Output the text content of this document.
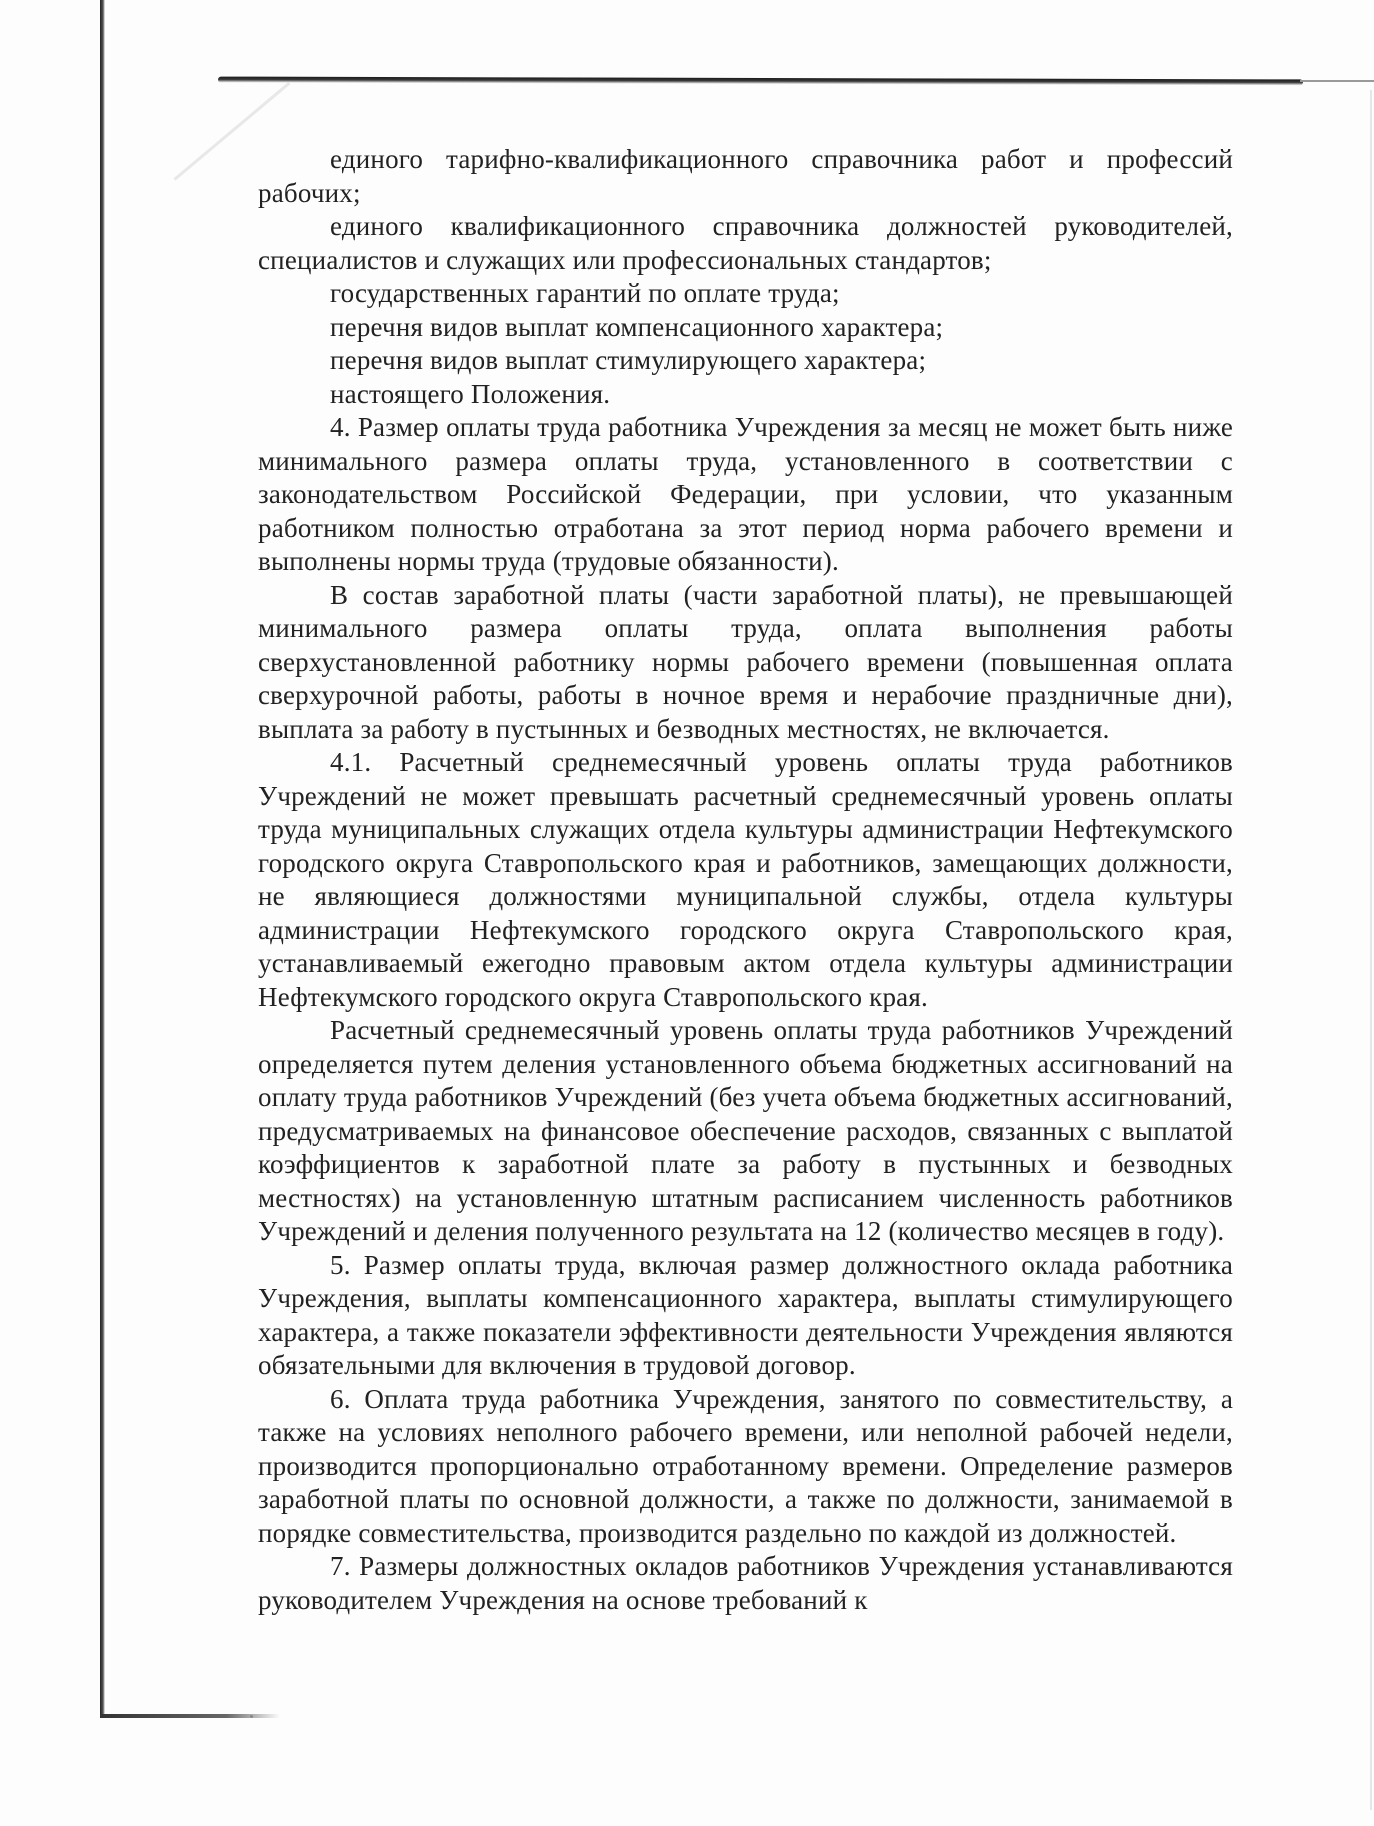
единого тарифно-квалификационного справочника работ и профессий рабочих;

единого квалификационного справочника должностей руководителей, специалистов и служащих или профессиональных стандартов;

государственных гарантий по оплате труда;

перечня видов выплат компенсационного характера;

перечня видов выплат стимулирующего характера;

настоящего Положения.

4. Размер оплаты труда работника Учреждения за месяц не может быть ниже минимального размера оплаты труда, установленного в соответствии с законодательством Российской Федерации, при условии, что указанным работником полностью отработана за этот период норма рабочего времени и выполнены нормы труда (трудовые обязанности).

В состав заработной платы (части заработной платы), не превышающей минимального размера оплаты труда, оплата выполнения работы сверхустановленной работнику нормы рабочего времени (повышенная оплата сверхурочной работы, работы в ночное время и нерабочие праздничные дни), выплата за работу в пустынных и безводных местностях, не включается.

4.1. Расчетный среднемесячный уровень оплаты труда работников Учреждений не может превышать расчетный среднемесячный уровень оплаты труда муниципальных служащих отдела культуры администрации Нефтекумского городского округа Ставропольского края и работников, замещающих должности, не являющиеся должностями муниципальной службы, отдела культуры администрации Нефтекумского городского округа Ставропольского края, устанавливаемый ежегодно правовым актом отдела культуры администрации Нефтекумского городского округа Ставропольского края.

Расчетный среднемесячный уровень оплаты труда работников Учреждений определяется путем деления установленного объема бюджетных ассигнований на оплату труда работников Учреждений (без учета объема бюджетных ассигнований, предусматриваемых на финансовое обеспечение расходов, связанных с выплатой коэффициентов к заработной плате за работу в пустынных и безводных местностях) на установленную штатным расписанием численность работников Учреждений и деления полученного результата на 12 (количество месяцев в году).

5. Размер оплаты труда, включая размер должностного оклада работника Учреждения, выплаты компенсационного характера, выплаты стимулирующего характера, а также показатели эффективности деятельности Учреждения являются обязательными для включения в трудовой договор.

6. Оплата труда работника Учреждения, занятого по совместительству, а также на условиях неполного рабочего времени, или неполной рабочей недели, производится пропорционально отработанному времени. Определение размеров заработной платы по основной должности, а также по должности, занимаемой в порядке совместительства, производится раздельно по каждой из должностей.

7. Размеры должностных окладов работников Учреждения устанавливаются руководителем Учреждения на основе требований к
